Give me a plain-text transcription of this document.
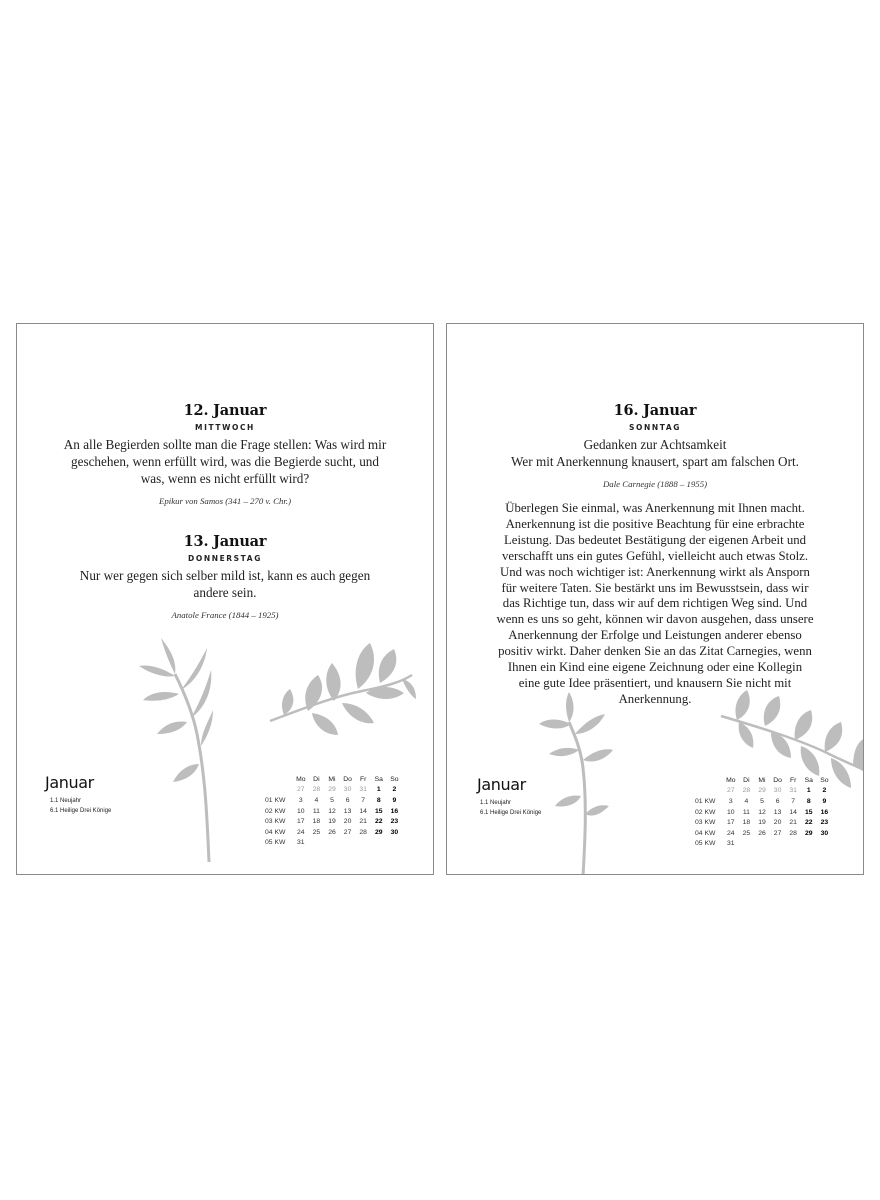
12. Januar
MITTWOCH
An alle Begierden sollte man die Frage stellen: Was wird mir
geschehen, wenn erfüllt wird, was die Begierde sucht, und
was, wenn es nicht erfüllt wird?
Epikur von Samos (341 – 270 v. Chr.)
13. Januar
DONNERSTAG
Nur wer gegen sich selber mild ist, kann es auch gegen
andere sein.
Anatole France (1844 – 1925)
Januar
1.1 Neujahr
6.1 Heilige Drei Könige
	Mo	Di	Mi	Do	Fr	Sa	So
	27	28	29	30	31	1	2
01 KW	3	4	5	6	7	8	9
02 KW	10	11	12	13	14	15	16
03 KW	17	18	19	20	21	22	23
04 KW	24	25	26	27	28	29	30
05 KW	31						
16. Januar
SONNTAG
Gedanken zur Achtsamkeit
Wer mit Anerkennung knausert, spart am falschen Ort.
Dale Carnegie (1888 – 1955)
Überlegen Sie einmal, was Anerkennung mit Ihnen macht.
Anerkennung ist die positive Beachtung für eine erbrachte
Leistung. Das bedeutet Bestätigung der eigenen Arbeit und
verschafft uns ein gutes Gefühl, vielleicht auch etwas Stolz.
Und was noch wichtiger ist: Anerkennung wirkt als Ansporn
für weitere Taten. Sie bestärkt uns im Bewusstsein, dass wir
das Richtige tun, dass wir auf dem richtigen Weg sind. Und
wenn es uns so geht, können wir davon ausgehen, dass unsere
Anerkennung der Erfolge und Leistungen anderer ebenso
positiv wirkt. Daher denken Sie an das Zitat Carnegies, wenn
Ihnen ein Kind eine eigene Zeichnung oder eine Kollegin
eine gute Idee präsentiert, und knausern Sie nicht mit
Anerkennung.
Januar
1.1 Neujahr
6.1 Heilige Drei Könige
	Mo	Di	Mi	Do	Fr	Sa	So
	27	28	29	30	31	1	2
01 KW	3	4	5	6	7	8	9
02 KW	10	11	12	13	14	15	16
03 KW	17	18	19	20	21	22	23
04 KW	24	25	26	27	28	29	30
05 KW	31						
